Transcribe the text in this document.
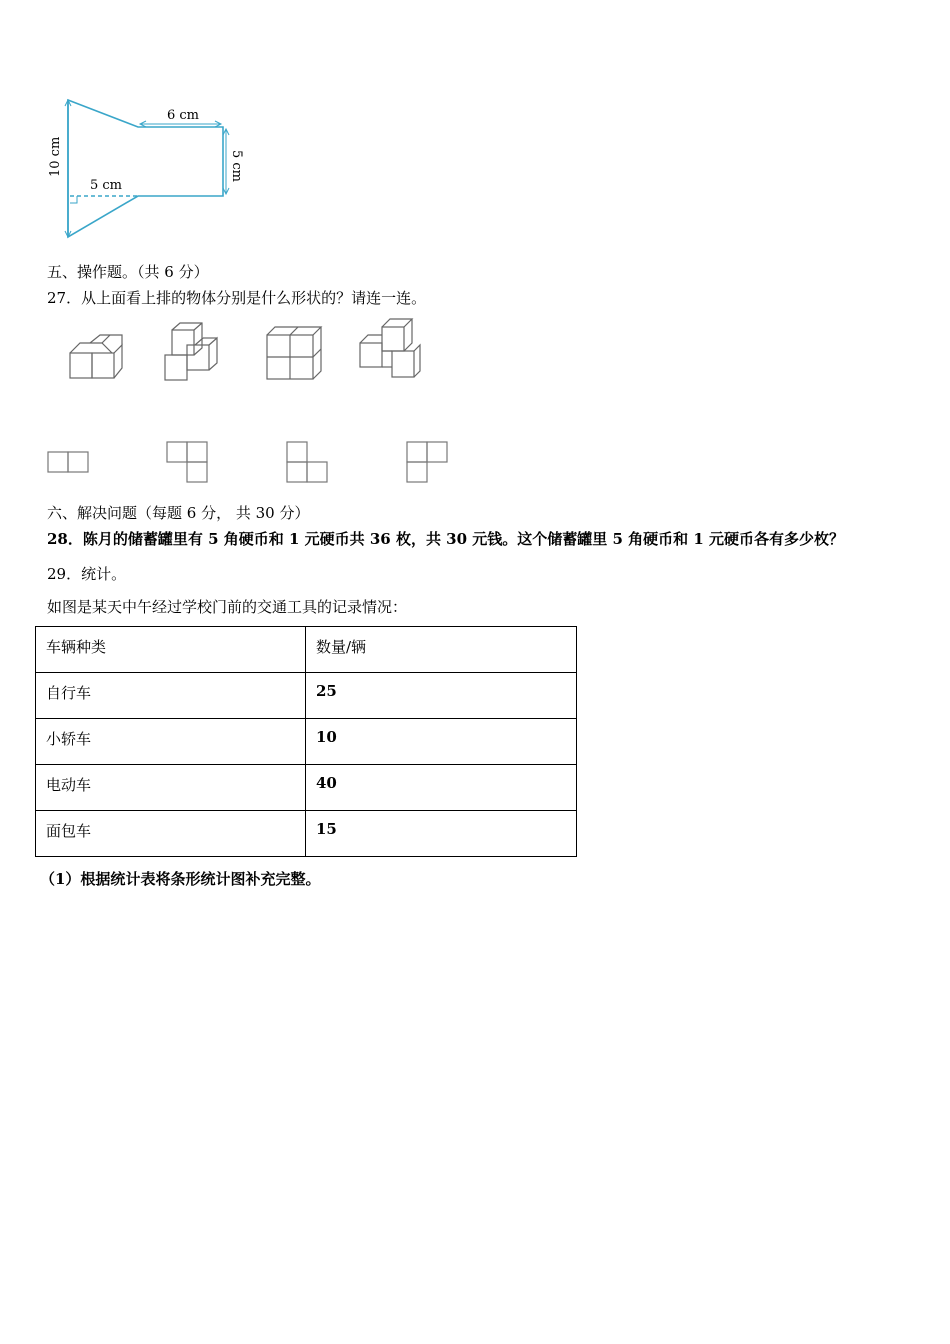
6 cm
5 cm
10 cm	5 cm
五、操作题。（共 6 分）
27．从上面看上排的物体分别是什么形状的？请连一连。
六、解决问题（每题 6 分， 共 30 分）
28．陈月的储蓄罐里有 5 角硬币和 1 元硬币共 36 枚，共 30 元钱。这个储蓄罐里 5 角硬币和 1 元硬币各有多少枚？
29．统计。
如图是某天中午经过学校门前的交通工具的记录情况：
车辆种类	数量/辆
自行车	25
小轿车	10
电动车	40
面包车	15
（1）根据统计表将条形统计图补充完整。
